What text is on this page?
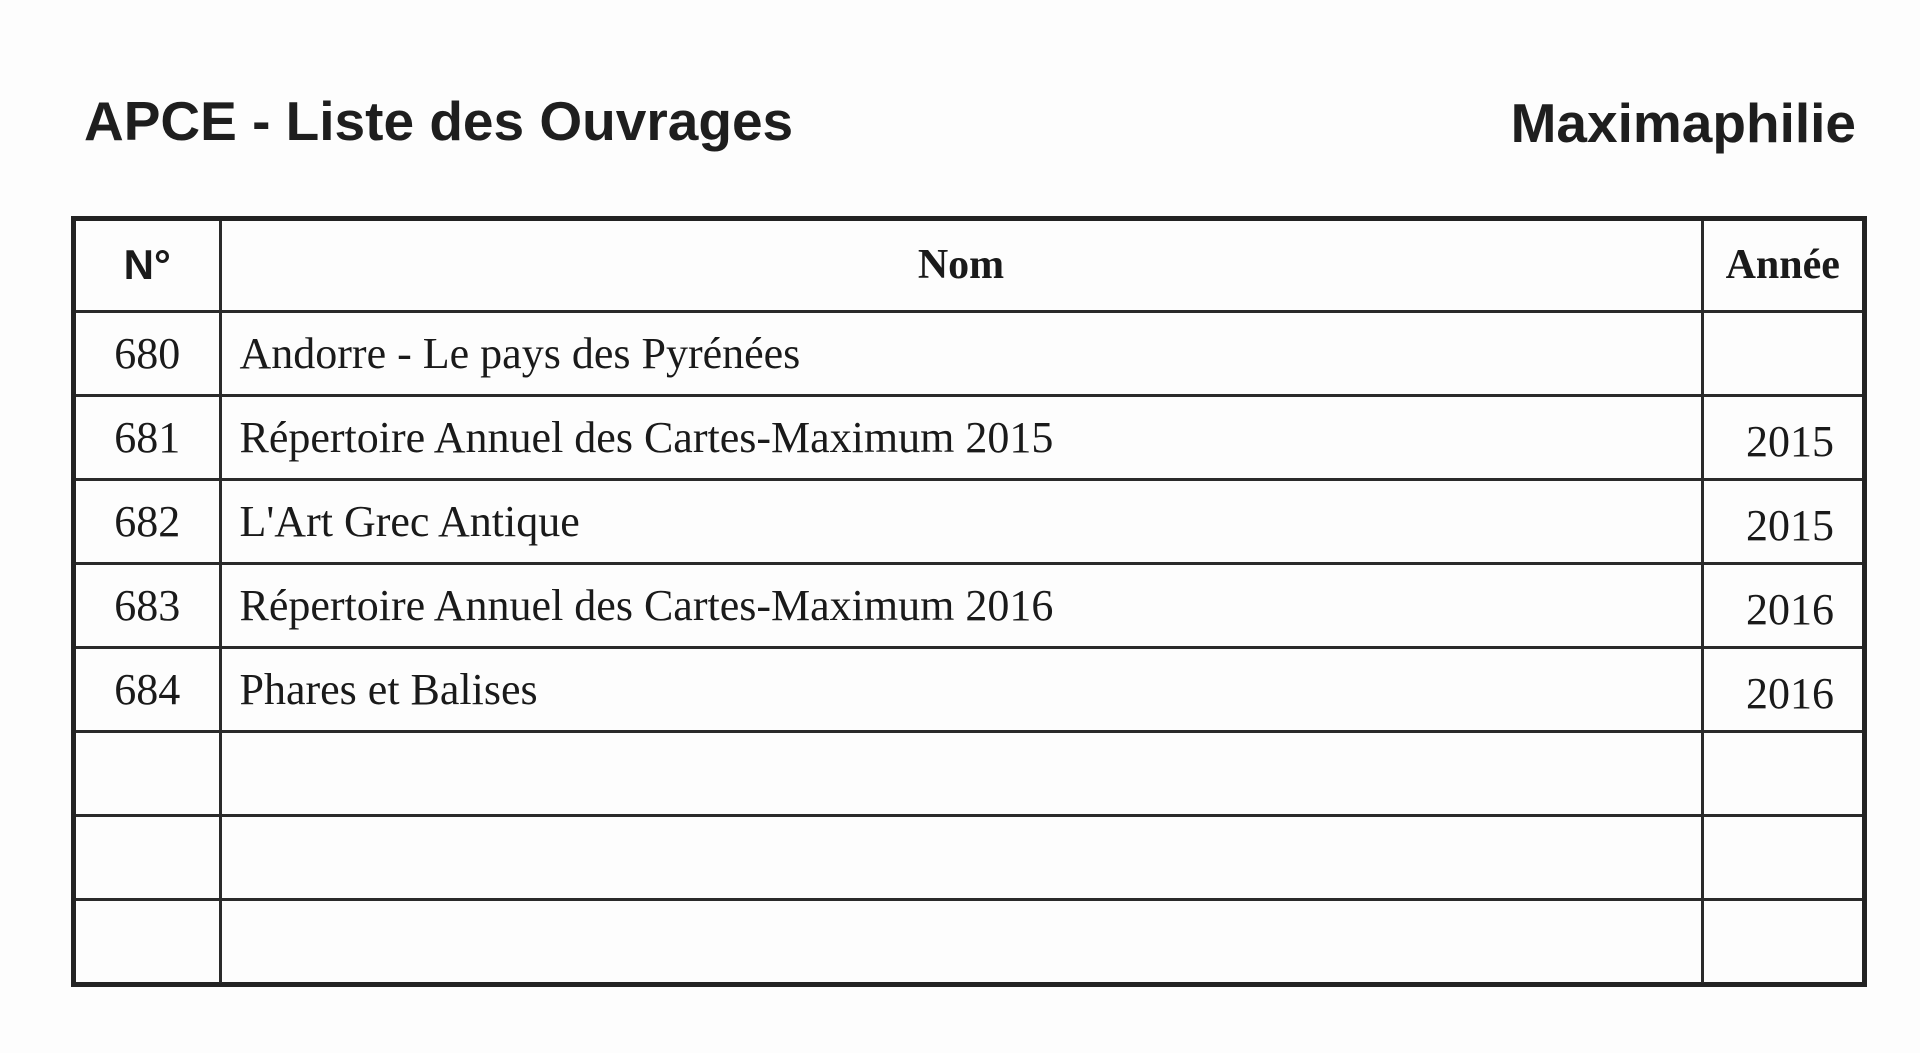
APCE - Liste des Ouvrages	Maximaphilie
N°	Nom	Année
680	Andorre - Le pays des Pyrénées	
681	Répertoire Annuel des Cartes-Maximum 2015	2015
682	L'Art Grec Antique	2015
683	Répertoire Annuel des Cartes-Maximum 2016	2016
684	Phares et Balises	2016
